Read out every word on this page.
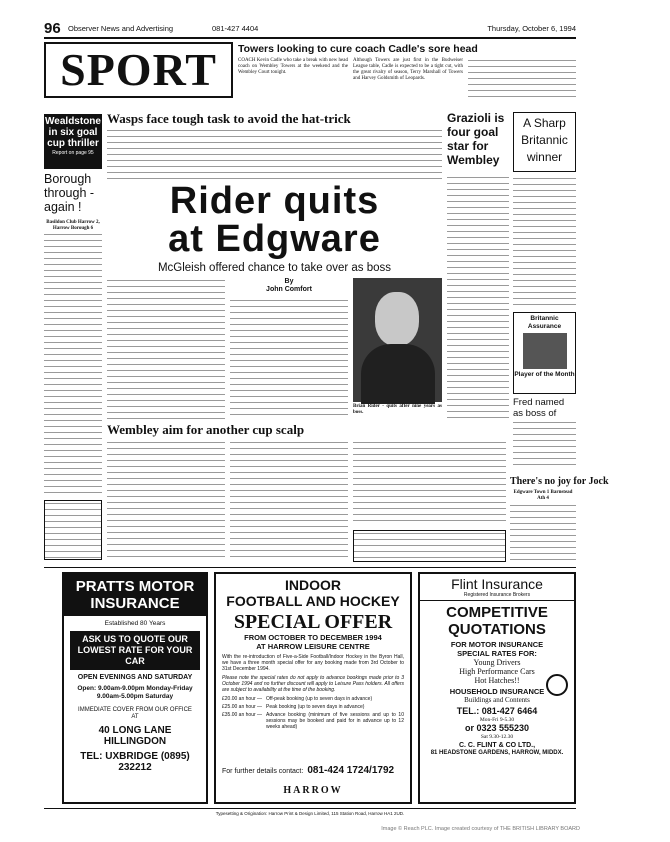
96 Observer News and Advertising	081-427 4404	Thursday, October 6, 1994
SPORT	Towers looking to cure coach Cadle's sore head
COACH Kevin Cadle who take a break with new head coach on Wembley Towers at the weekend and the Wembley Court tonight.
Although Towers are just first in the Budweiser League table, Cadle is expected to be a tight cut, with the great rivalry of season, Terry Marshall of Towers and Harvey Goldsmith of Leopards.
Wealdstone in six goal cup thriller
Report on page 95
Borough through - again !
Basildon Club Harrow 2, Harrow Borough 6
Wasps face tough task to avoid the hat-trick
Rider quits
at Edgware
McGleish offered chance to take over as boss
By
John Comfort
Brian Rider - quits after nine years as boss.
Grazioli is four goal star for Wembley
A Sharp Britannic winner
Britannic Assurance
Player of the Month
Fred named as boss of
Wembley aim for another cup scalp
There's no joy for Jock
Edgware Town 1 Barnstead Ath 4
PRATTS MOTOR INSURANCE
Established 80 Years
ASK US TO QUOTE OUR LOWEST RATE FOR YOUR CAR
OPEN EVENINGS AND SATURDAY
Open: 9.00am-9.00pm Monday-Friday 9.00am-5.00pm Saturday
IMMEDIATE COVER FROM OUR OFFICE AT
40 LONG LANE HILLINGDON
TEL: UXBRIDGE (0895) 232212
INDOOR
FOOTBALL AND HOCKEY
SPECIAL OFFER
FROM OCTOBER TO DECEMBER 1994
AT HARROW LEISURE CENTRE
With the re-introduction of Five-a-Side Football/Indoor Hockey in the Byron Hall, we have a three month special offer for any booking made from 3rd October to 31st December 1994.
Please note the special rates do not apply to advance bookings made prior to 3 October 1994 and no further discount will apply to Leisure Pass holders. All offers are subject to availability at the time of the booking.
£20.00 an hour — Off-peak booking (up to seven days in advance)
£25.00 an hour — Peak booking (up to seven days in advance)
£35.00 an hour — Advance booking (minimum of five sessions and up to 10 sessions may be booked and paid for in advance up to 12 weeks ahead)
For further details contact: 081-424 1724/1792
HARROW
Flint Insurance
Registered Insurance Brokers
COMPETITIVE
QUOTATIONS
FOR MOTOR INSURANCE
SPECIAL RATES FOR:
Young Drivers
High Performance Cars
Hot Hatches!!
HOUSEHOLD INSURANCE
Buildings and Contents
TEL.: 081-427 6464
Mon-Fri 9-5.30
or 0323 555230
Sat 9.30-12.30
C. C. FLINT & CO LTD.,
81 HEADSTONE GARDENS, HARROW, MIDDX.
Typesetting & Origination: Harrow Print & Design Limited, 115 Station Road, Harrow HA1 2UD.
Image © Reach PLC. Image created courtesy of THE BRITISH LIBRARY BOARD
